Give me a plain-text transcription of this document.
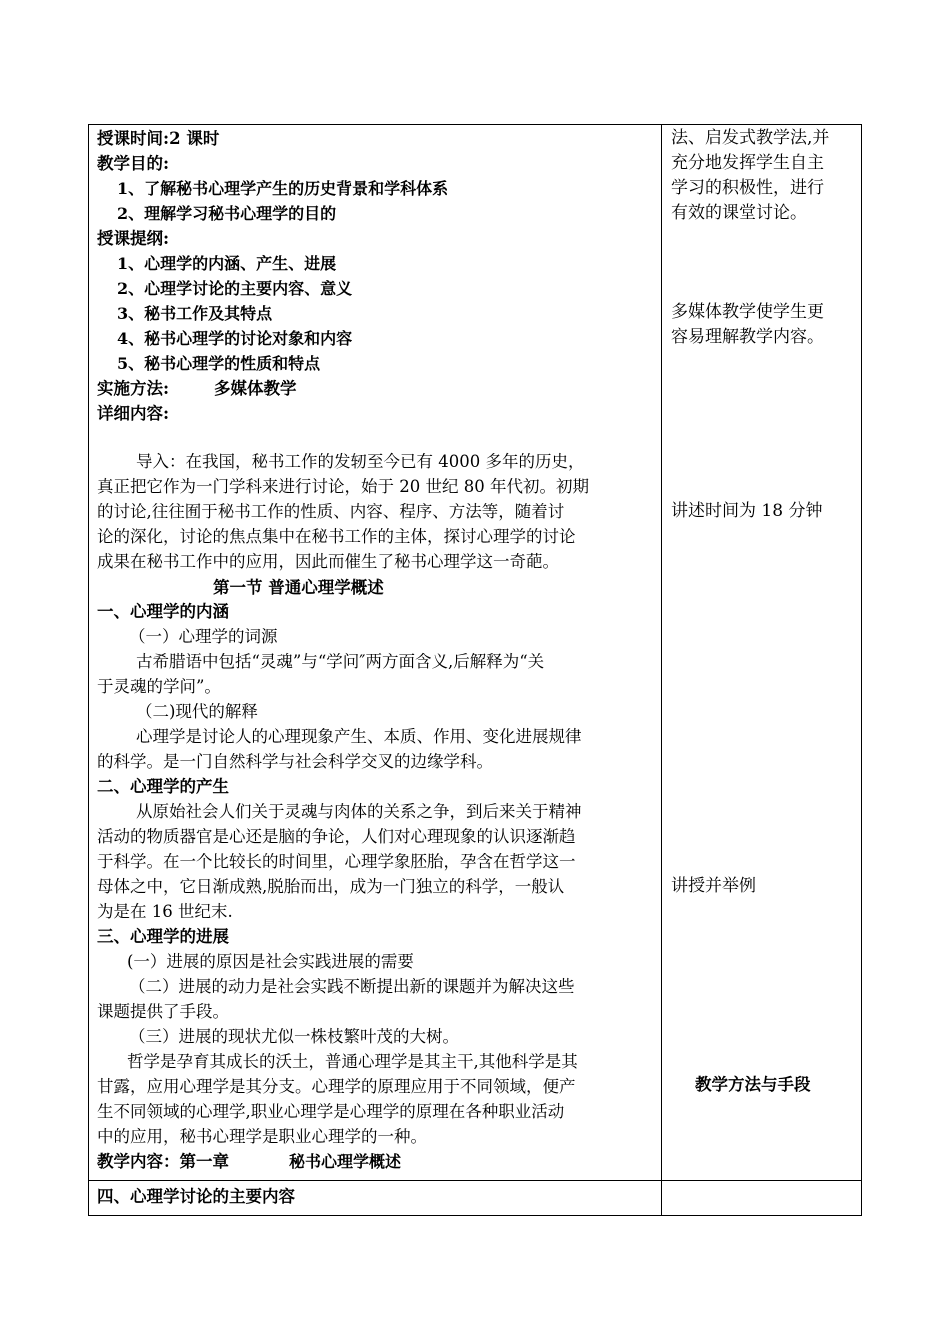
授课时间:2 课时
教学目的:
1、了解秘书心理学产生的历史背景和学科体系
2、理解学习秘书心理学的目的
授课提纲:
1、心理学的内涵、产生、进展
2、心理学讨论的主要内容、意义
3、秘书工作及其特点
4、秘书心理学的讨论对象和内容
5、秘书心理学的性质和特点
实施方法:	多媒体教学
详细内容:
导入：在我国，秘书工作的发轫至今已有 4000 多年的历史，
真正把它作为一门学科来进行讨论，始于 20 世纪 80 年代初。初期
的讨论,往往囿于秘书工作的性质、内容、程序、方法等，随着讨
论的深化，讨论的焦点集中在秘书工作的主体，探讨心理学的讨论
成果在秘书工作中的应用，因此而催生了秘书心理学这一奇葩。
第一节 普通心理学概述
一、心理学的内涵
（一）心理学的词源
古希腊语中包括“灵魂”与“学问″两方面含义,后解释为“关
于灵魂的学问”。
（二)现代的解释
心理学是讨论人的心理现象产生、本质、作用、变化进展规律
的科学。是一门自然科学与社会科学交叉的边缘学科。
二、心理学的产生
从原始社会人们关于灵魂与肉体的关系之争，到后来关于精神
活动的物质器官是心还是脑的争论，人们对心理现象的认识逐渐趋
于科学。在一个比较长的时间里，心理学象胚胎，孕含在哲学这一
母体之中，它日渐成熟,脱胎而出，成为一门独立的科学，一般认
为是在 16 世纪末.
三、心理学的进展
(一）进展的原因是社会实践进展的需要
（二）进展的动力是社会实践不断提出新的课题并为解决这些
课题提供了手段。
（三）进展的现状尤似一株枝繁叶茂的大树。
哲学是孕育其成长的沃土，普通心理学是其主干,其他科学是其
甘露，应用心理学是其分支。心理学的原理应用于不同领域，便产
生不同领域的心理学,职业心理学是心理学的原理在各种职业活动
中的应用，秘书心理学是职业心理学的一种。
教学内容：第一章	秘书心理学概述
四、心理学讨论的主要内容
法、启发式教学法,并
充分地发挥学生自主
学习的积极性，进行
有效的课堂讨论。
多媒体教学使学生更
容易理解教学内容。
讲述时间为 18 分钟
讲授并举例
教学方法与手段
